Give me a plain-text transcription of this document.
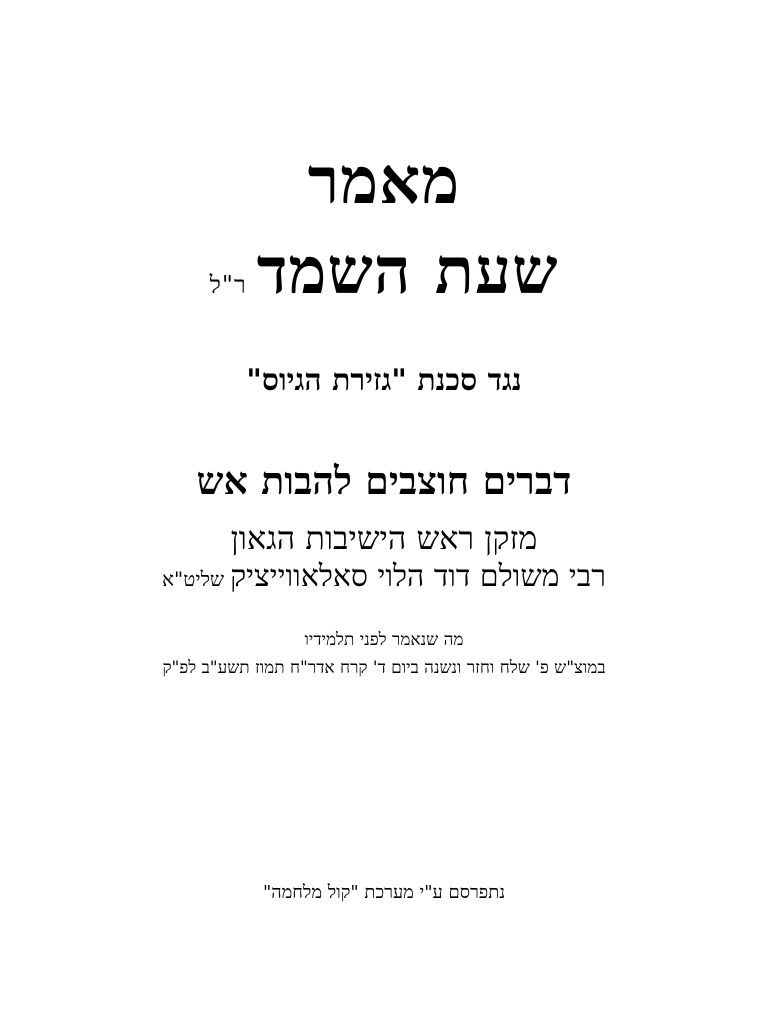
מאמר
שעת השמדר"ל
נגד סכנת "גזירת הגיוס"
דברים חוצבים להבות אש
מזקן ראש הישיבות הגאון
רבי משולם דוד הלוי סאלאווייציקשליט"א
מה שנאמר לפני תלמידיו
במוצ"ש פ' שלח וחזר ונשנה ביום ד' קרח אדר"ח תמוז תשע"ב לפ"ק
נתפרסם ע"י מערכת "קול מלחמה"
